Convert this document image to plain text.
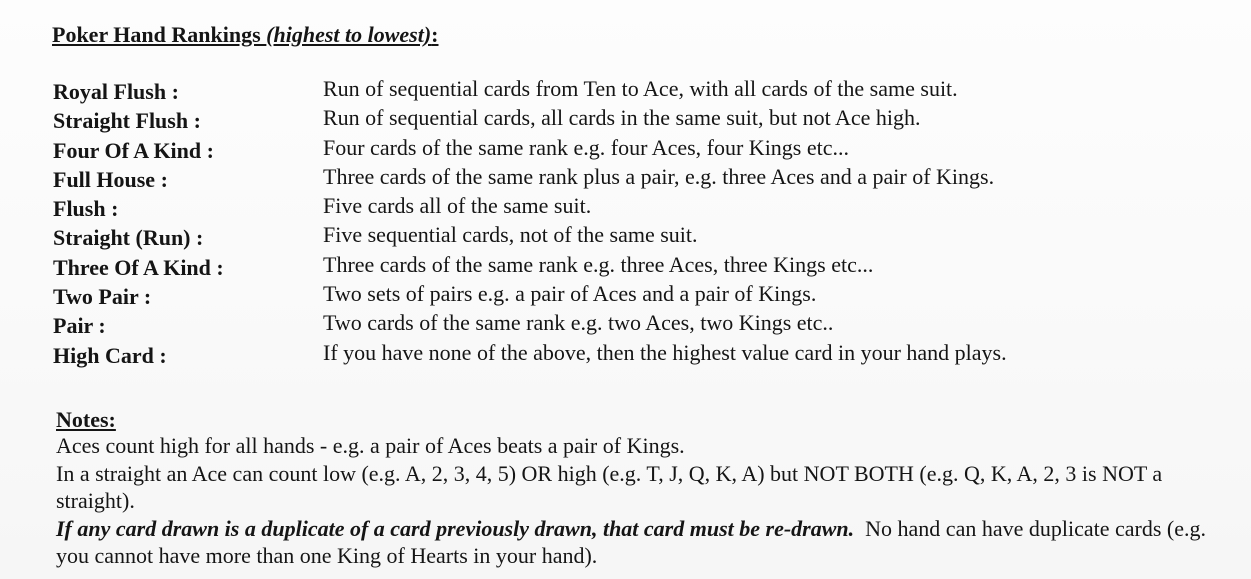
Poker Hand Rankings (highest to lowest):
Royal Flush :	Run of sequential cards from Ten to Ace, with all cards of the same suit.
Straight Flush :	Run of sequential cards, all cards in the same suit, but not Ace high.
Four Of A Kind :	Four cards of the same rank e.g. four Aces, four Kings etc...
Full House :	Three cards of the same rank plus a pair, e.g. three Aces and a pair of Kings.
Flush :	Five cards all of the same suit.
Straight (Run) :	Five sequential cards, not of the same suit.
Three Of A Kind :	Three cards of the same rank e.g. three Aces, three Kings etc...
Two Pair :	Two sets of pairs e.g. a pair of Aces and a pair of Kings.
Pair :	Two cards of the same rank e.g. two Aces, two Kings etc..
High Card :	If you have none of the above, then the highest value card in your hand plays.
Notes:

Aces count high for all hands - e.g. a pair of Aces beats a pair of Kings.

In a straight an Ace can count low (e.g. A, 2, 3, 4, 5) OR high (e.g. T, J, Q, K, A) but NOT BOTH (e.g. Q, K, A, 2, 3 is NOT a straight).

If any card drawn is a duplicate of a card previously drawn, that card must be re-drawn.  No hand can have duplicate cards (e.g. you cannot have more than one King of Hearts in your hand).
